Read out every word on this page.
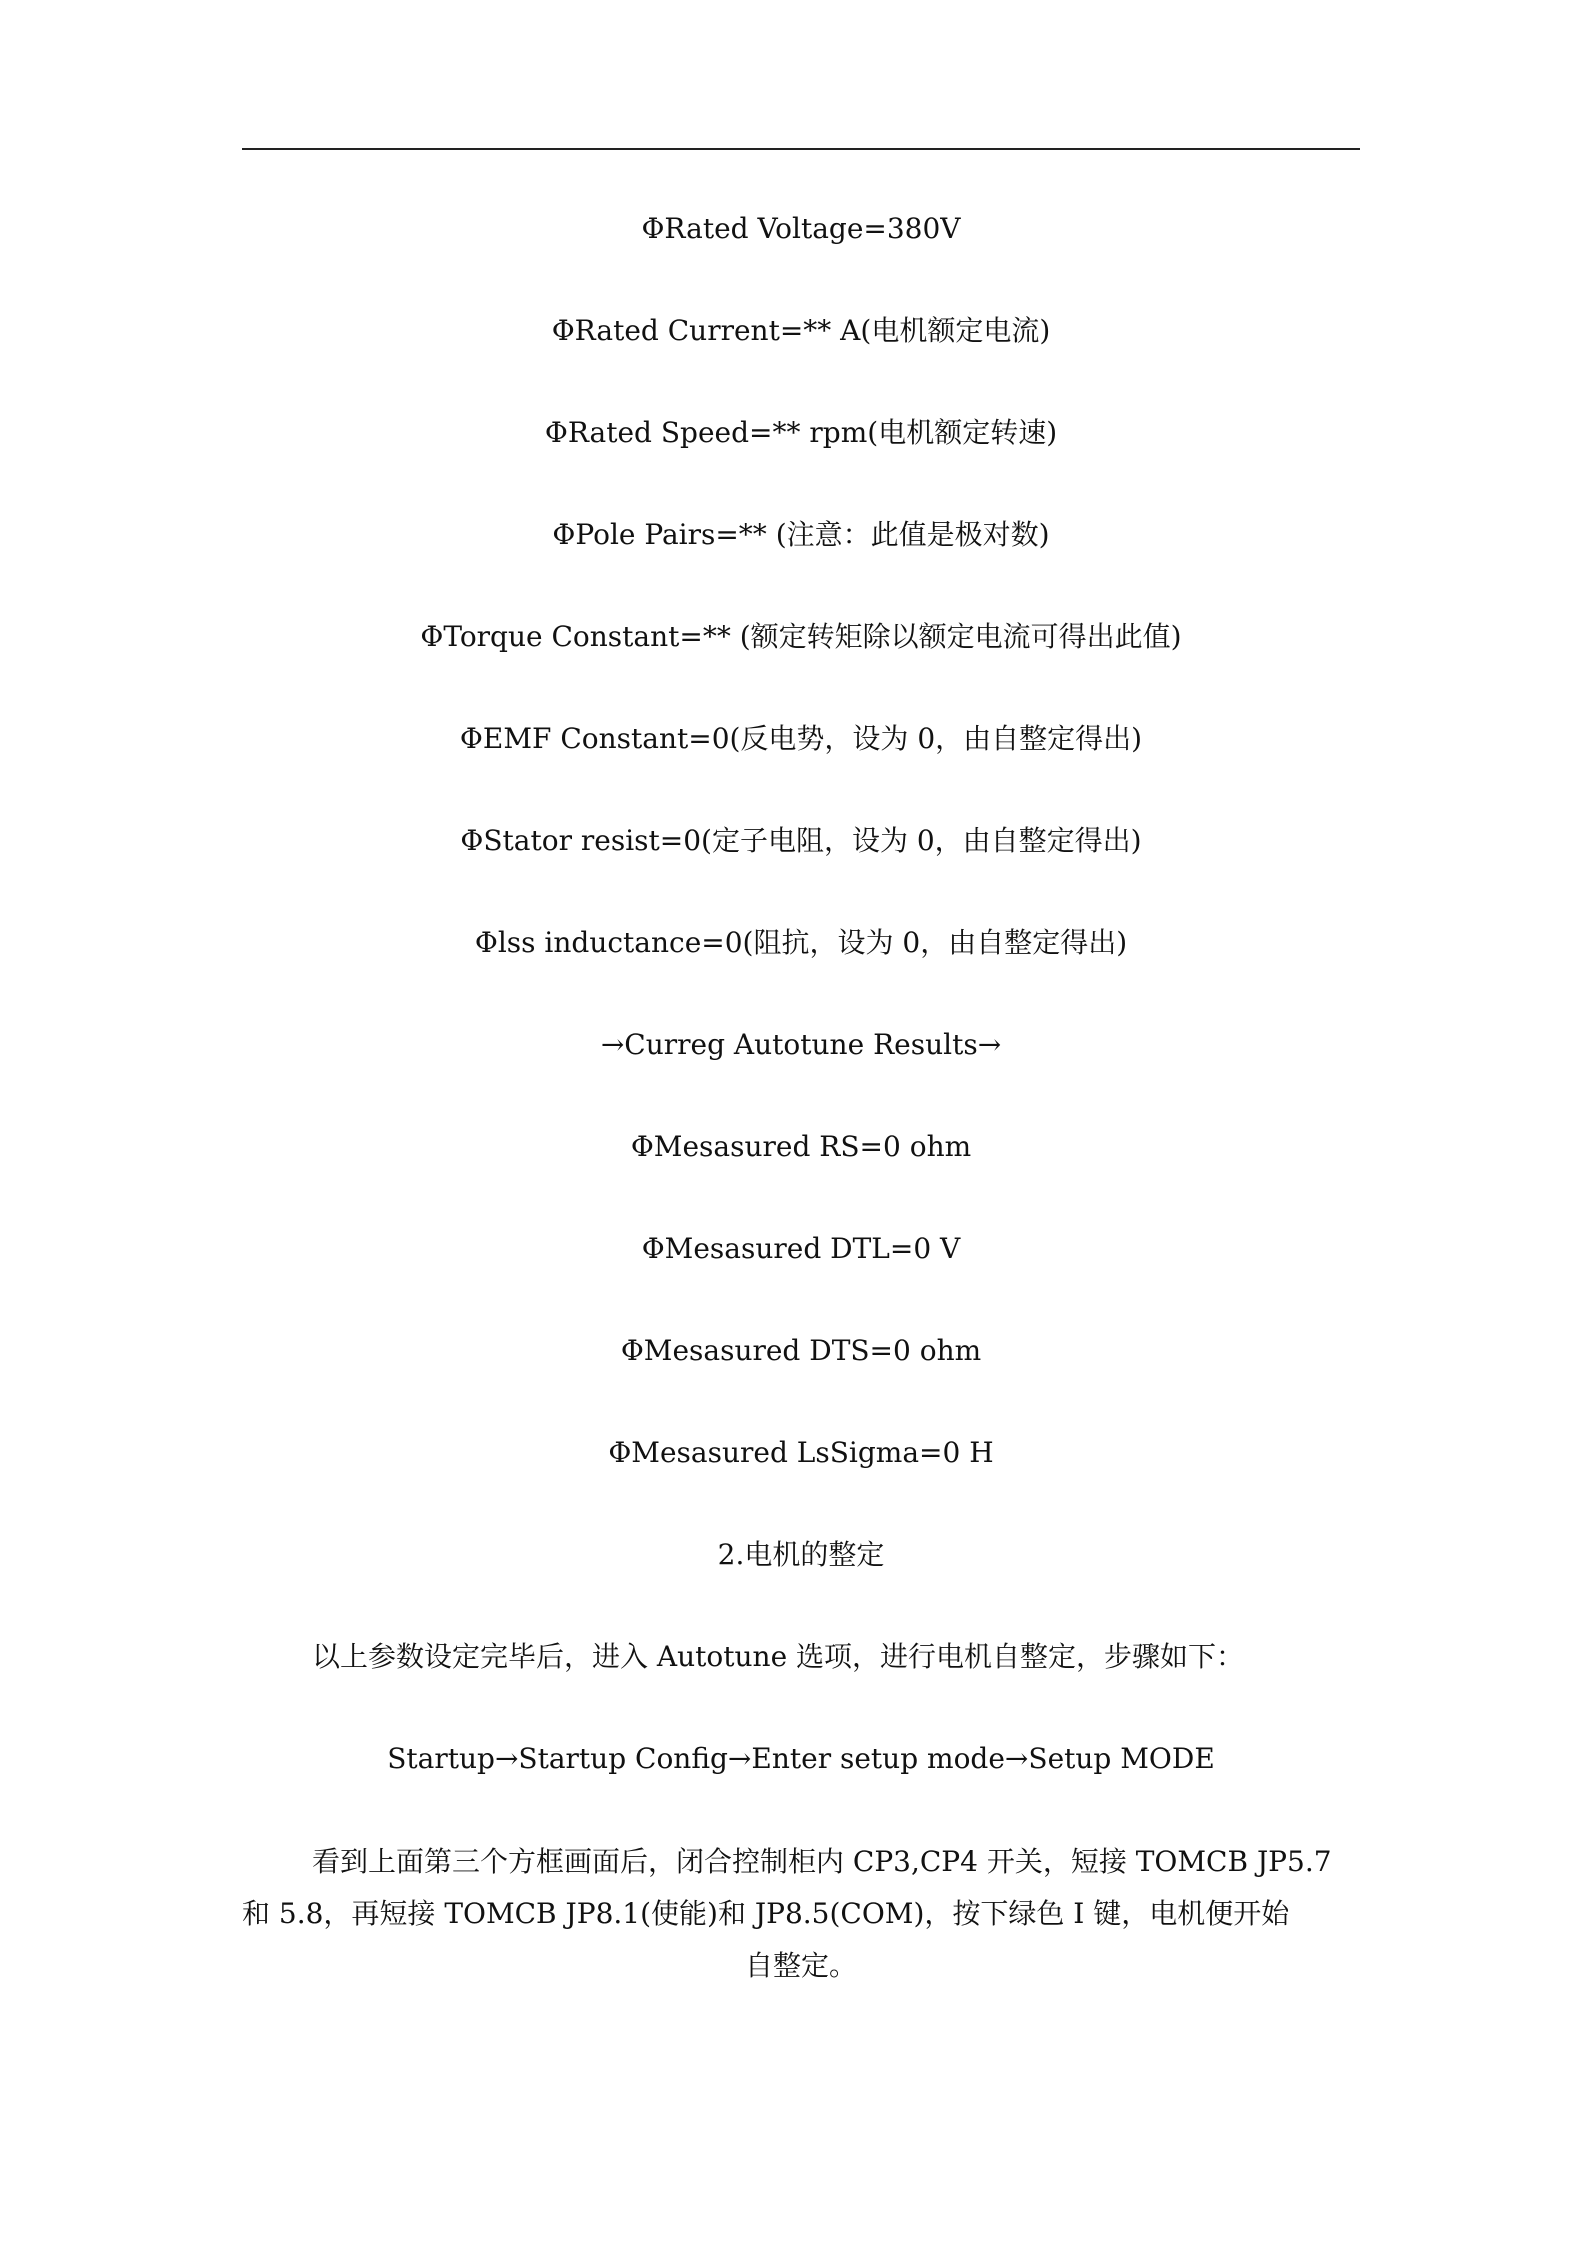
ΦRated Voltage=380V
ΦRated Current=** A(电机额定电流)
ΦRated Speed=** rpm(电机额定转速)
ΦPole Pairs=** (注意：此值是极对数)
ΦTorque Constant=** (额定转矩除以额定电流可得出此值)
ΦEMF Constant=0(反电势，设为 0，由自整定得出)
ΦStator resist=0(定子电阻，设为 0，由自整定得出)
Φlss inductance=0(阻抗，设为 0，由自整定得出)
→Curreg Autotune Results→
ΦMesasured RS=0 ohm
ΦMesasured DTL=0 V
ΦMesasured DTS=0 ohm
ΦMesasured LsSigma=0 H
2.电机的整定
以上参数设定完毕后，进入 Autotune 选项，进行电机自整定，步骤如下：
Startup→Startup Config→Enter setup mode→Setup MODE
看到上面第三个方框画面后，闭合控制柜内 CP3,CP4 开关，短接 TOMCB JP5.7
和 5.8，再短接 TOMCB JP8.1(使能)和 JP8.5(COM)，按下绿色 I 键，电机便开始
自整定。
